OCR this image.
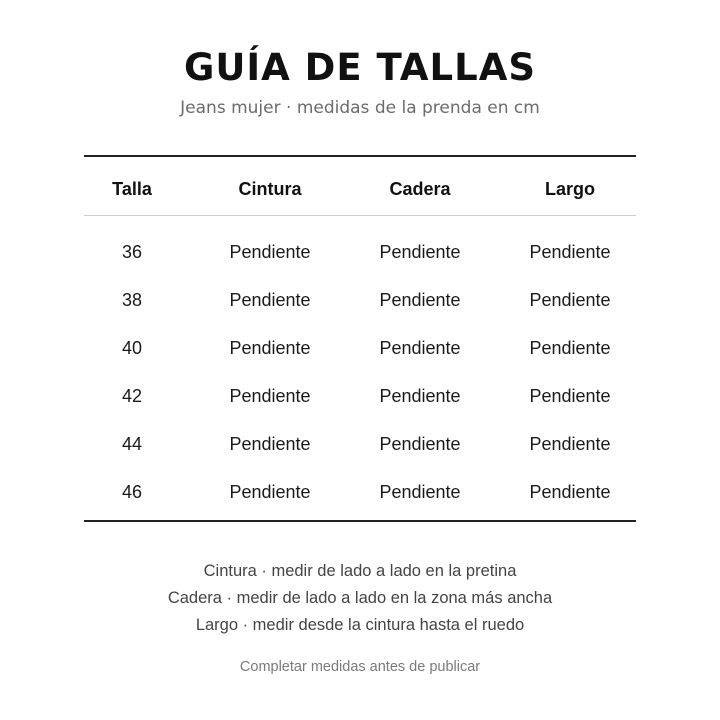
GUÍA DE TALLAS
Jeans mujer · medidas de la prenda en cm
Talla	Cintura	Cadera	Largo
36	Pendiente	Pendiente	Pendiente
38	Pendiente	Pendiente	Pendiente
40	Pendiente	Pendiente	Pendiente
42	Pendiente	Pendiente	Pendiente
44	Pendiente	Pendiente	Pendiente
46	Pendiente	Pendiente	Pendiente
Cintura · medir de lado a lado en la pretina
Cadera · medir de lado a lado en la zona más ancha
Largo · medir desde la cintura hasta el ruedo
Completar medidas antes de publicar
